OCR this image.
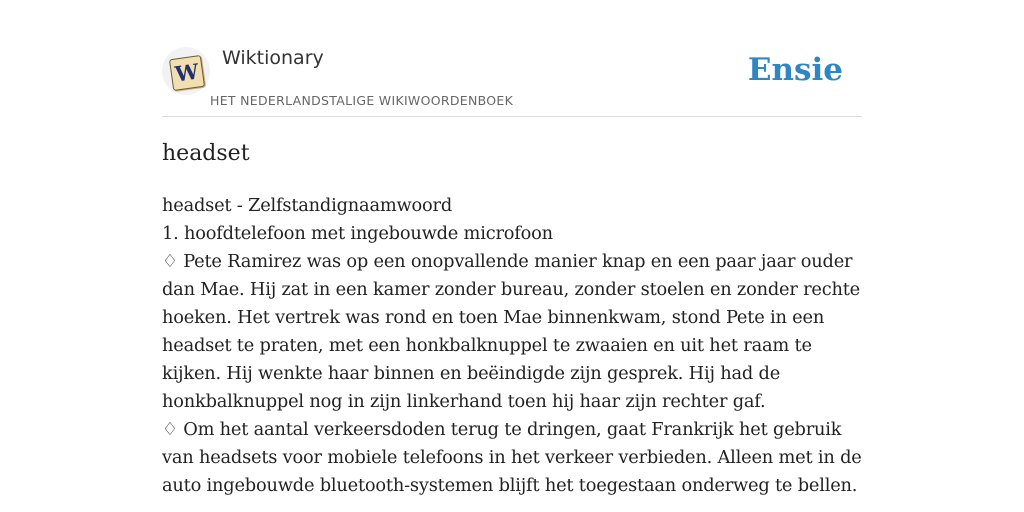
W
Wiktionary
HET NEDERLANDSTALIGE WIKIWOORDENBOEK
Ensie
headset
headset - Zelfstandignaamwoord
1. hoofdtelefoon met ingebouwde microfoon
♢ Pete Ramirez was op een onopvallende manier knap en een paar jaar ouder dan Mae. Hij zat in een kamer zonder bureau, zonder stoelen en zonder rechte hoeken. Het vertrek was rond en toen Mae binnenkwam, stond Pete in een headset te praten, met een honkbalknuppel te zwaaien en uit het raam te kijken. Hij wenkte haar binnen en beëindigde zijn gesprek. Hij had de honkbalknuppel nog in zijn linkerhand toen hij haar zijn rechter gaf.
♢ Om het aantal verkeersdoden terug te dringen, gaat Frankrijk het gebruik van headsets voor mobiele telefoons in het verkeer verbieden. Alleen met in de auto ingebouwde bluetooth-systemen blijft het toegestaan onderweg te bellen.
